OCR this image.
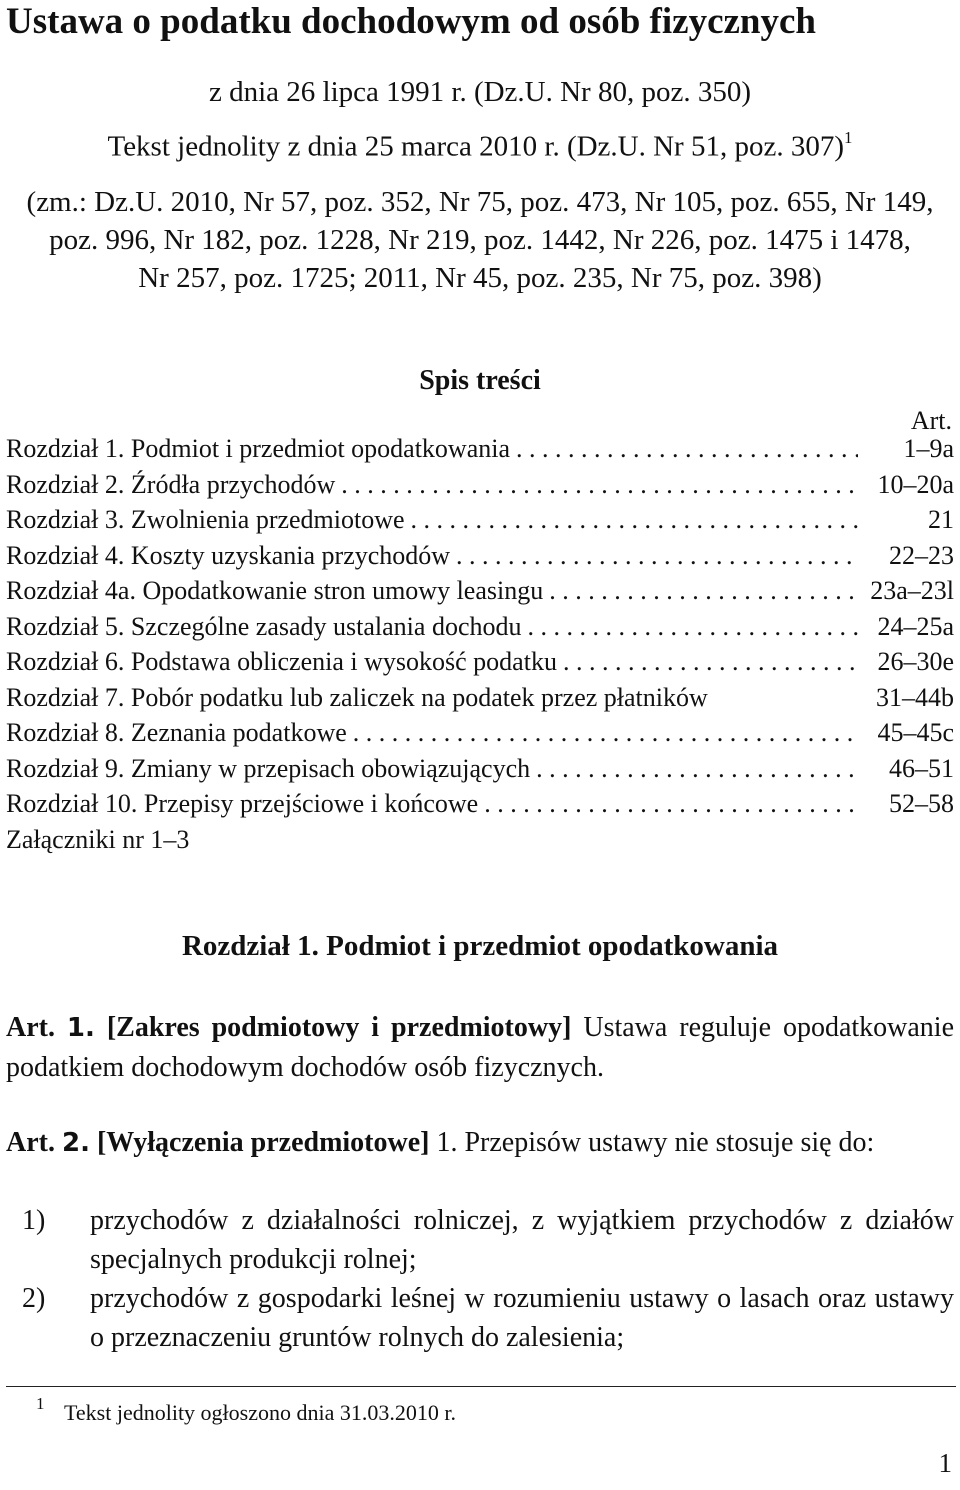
Ustawa o podatku dochodowym od osób fizycznych
z dnia 26 lipca 1991 r. (Dz.U. Nr 80, poz. 350)
Tekst jednolity z dnia 25 marca 2010 r. (Dz.U. Nr 51, poz. 307)$^1$
(zm.: Dz.U. 2010, Nr 57, poz. 352, Nr 75, poz. 473, Nr 105, poz. 655, Nr 149,
poz. 996, Nr 182, poz. 1228, Nr 219, poz. 1442, Nr 226, poz. 1475 i 1478,
Nr 257, poz. 1725; 2011, Nr 45, poz. 235, Nr 75, poz. 398)
Spis treści
Art.
Rozdział 1. Podmiot i przedmiot opodatkowania . . .	1–9a
Rozdział 2. Źródła przychodów . . .	10–20a
Rozdział 3. Zwolnienia przedmiotowe . . .	21
Rozdział 4. Koszty uzyskania przychodów . . .	22–23
Rozdział 4a. Opodatkowanie stron umowy leasingu . . .	23a–23l
Rozdział 5. Szczególne zasady ustalania dochodu . . .	24–25a
Rozdział 6. Podstawa obliczenia i wysokość podatku . . .	26–30e
Rozdział 7. Pobór podatku lub zaliczek na podatek przez płatników	31–44b
Rozdział 8. Zeznania podatkowe . . .	45–45c
Rozdział 9. Zmiany w przepisach obowiązujących . . .	46–51
Rozdział 10. Przepisy przejściowe i końcowe . . .	52–58
Załączniki nr 1–3
Rozdział 1. Podmiot i przedmiot opodatkowania
Art. 1. [Zakres podmiotowy i przedmiotowy] Ustawa reguluje opodatkowanie podatkiem dochodowym dochodów osób fizycznych.
Art. 2. [Wyłączenia przedmiotowe] 1. Przepisów ustawy nie stosuje się do:
1) przychodów z działalności rolniczej, z wyjątkiem przychodów z działów specjalnych produkcji rolnej;
2) przychodów z gospodarki leśnej w rozumieniu ustawy o lasach oraz ustawy o przeznaczeniu gruntów rolnych do zalesienia;
1 Tekst jednolity ogłoszono dnia 31.03.2010 r.
1
